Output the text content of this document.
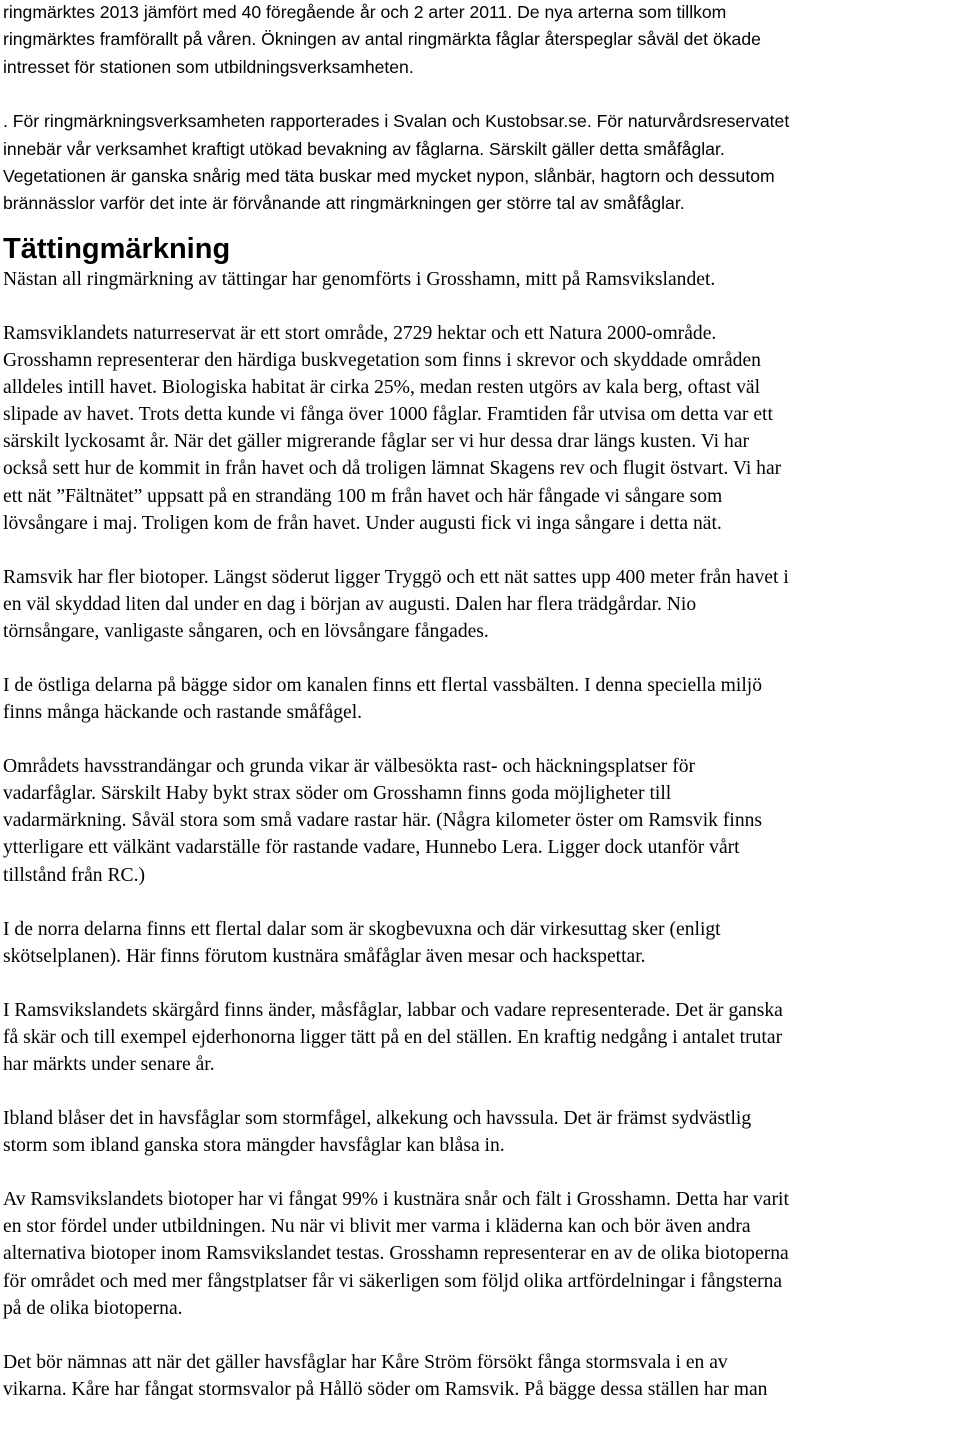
ringmärktes 2013 jämfört med 40 föregående år och 2 arter 2011. De nya arterna som tillkom
ringmärktes framförallt på våren. Ökningen av antal ringmärkta fåglar återspeglar såväl det ökade
intresset för stationen som utbildningsverksamheten.

. För ringmärkningsverksamheten rapporterades i Svalan och Kustobsar.se. För naturvårdsreservatet
innebär vår verksamhet kraftigt utökad bevakning av fåglarna. Särskilt gäller detta småfåglar.
Vegetationen är ganska snårig med täta buskar med mycket nypon, slånbär, hagtorn och dessutom
brännässlor varför det inte är förvånande att ringmärkningen ger större tal av småfåglar.

Tättingmärkning

Nästan all ringmärkning av tättingar har genomförts i Grosshamn, mitt på Ramsvikslandet.

Ramsviklandets naturreservat är ett stort område, 2729 hektar och ett Natura 2000-område.
Grosshamn representerar den härdiga buskvegetation som finns i skrevor och skyddade områden
alldeles intill havet. Biologiska habitat är cirka 25%, medan resten utgörs av kala berg, oftast väl
slipade av havet. Trots detta kunde vi fånga över 1000 fåglar. Framtiden får utvisa om detta var ett
särskilt lyckosamt år. När det gäller migrerande fåglar ser vi hur dessa drar längs kusten. Vi har
också sett hur de kommit in från havet och då troligen lämnat Skagens rev och flugit östvart. Vi har
ett nät ”Fältnätet” uppsatt på en strandäng 100 m från havet och här fångade vi sångare som
lövsångare i maj. Troligen kom de från havet. Under augusti fick vi inga sångare i detta nät.

Ramsvik har fler biotoper. Längst söderut ligger Tryggö och ett nät sattes upp 400 meter från havet i
en väl skyddad liten dal under en dag i början av augusti. Dalen har flera trädgårdar. Nio
törnsångare, vanligaste sångaren, och en lövsångare fångades.

I de östliga delarna på bägge sidor om kanalen finns ett flertal vassbälten. I denna speciella miljö
finns många häckande och rastande småfågel.

Områdets havsstrandängar och grunda vikar är välbesökta rast- och häckningsplatser för
vadarfåglar. Särskilt Haby bykt strax söder om Grosshamn finns goda möjligheter till
vadarmärkning. Såväl stora som små vadare rastar här. (Några kilometer öster om Ramsvik finns
ytterligare ett välkänt vadarställe för rastande vadare, Hunnebo Lera. Ligger dock utanför vårt
tillstånd från RC.)

I de norra delarna finns ett flertal dalar som är skogbevuxna och där virkesuttag sker (enligt
skötselplanen). Här finns förutom kustnära småfåglar även mesar och hackspettar.

I Ramsvikslandets skärgård finns änder, måsfåglar, labbar och vadare representerade. Det är ganska
få skär och till exempel ejderhonorna ligger tätt på en del ställen. En kraftig nedgång i antalet trutar
har märkts under senare år.

Ibland blåser det in havsfåglar som stormfågel, alkekung och havssula. Det är främst sydvästlig
storm som ibland ganska stora mängder havsfåglar kan blåsa in.

Av Ramsvikslandets biotoper har vi fångat 99% i kustnära snår och fält i Grosshamn. Detta har varit
en stor fördel under utbildningen. Nu när vi blivit mer varma i kläderna kan och bör även andra
alternativa biotoper inom Ramsvikslandet testas. Grosshamn representerar en av de olika biotoperna
för området och med mer fångstplatser får vi säkerligen som följd olika artfördelningar i fångsterna
på de olika biotoperna.

Det bör nämnas att när det gäller havsfåglar har Kåre Ström försökt fånga stormsvala i en av
vikarna. Kåre har fångat stormsvalor på Hållö söder om Ramsvik. På bägge dessa ställen har man
